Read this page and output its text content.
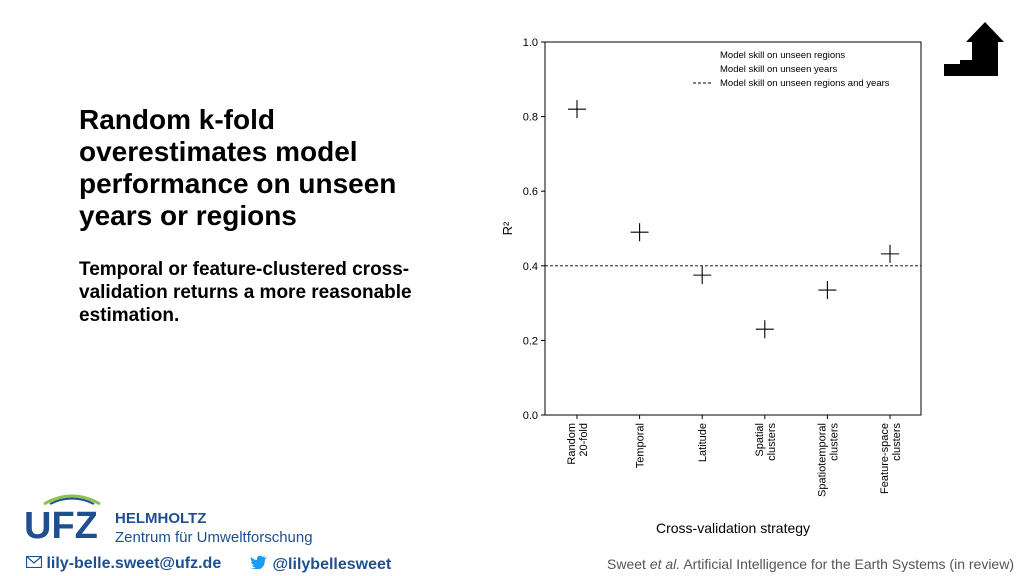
Random k-fold overestimates model performance on unseen years or regions
Temporal or feature-clustered cross-validation returns a more reasonable estimation.
0.0
0.2
0.4
0.6
0.8
1.0
Random20-fold	Temporal	Latitude	Spatialclusters	Spatiotemporalclusters	Feature-spaceclusters
Cross-validation strategy
R²
Model skill on unseen regions
Model skill on unseen years
Model skill on unseen regions and years
UFZ HELMHOLTZ
Zentrum für Umweltforschung
lily-belle.sweet@ufz.de	@lilybellesweet	Sweet et al. Artificial Intelligence for the Earth Systems (in review)
